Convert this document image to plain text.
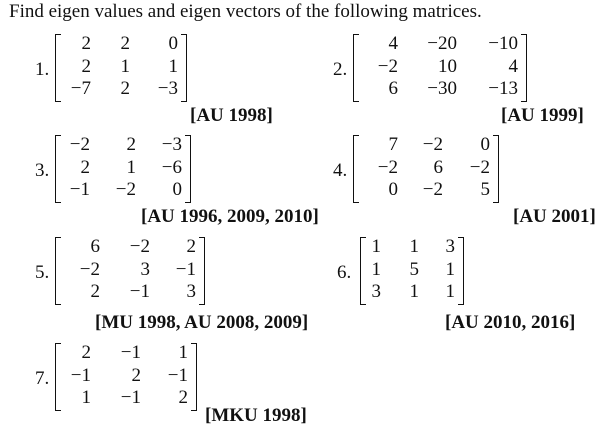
Find eigen values and eigen vectors of the following matrices.
1.
2	2	0
2	1	1
−7	2	−3
[AU 1998]
2.
4	−20	−10
−2	10	4
6	−30	−13
[AU 1999]
3.
−2	2	−3
2	1	−6
−1	−2	0
[AU 1996, 2009, 2010]
4.
7	−2	0
−2	6	−2
0	−2	5
[AU 2001]
5.
6	−2	2
−2	3	−1
2	−1	3
[MU 1998, AU 2008, 2009]
6.
1	1	3
1	5	1
3	1	1
[AU 2010, 2016]
7.
2	−1	1
−1	2	−1
1	−1	2
[MKU 1998]
